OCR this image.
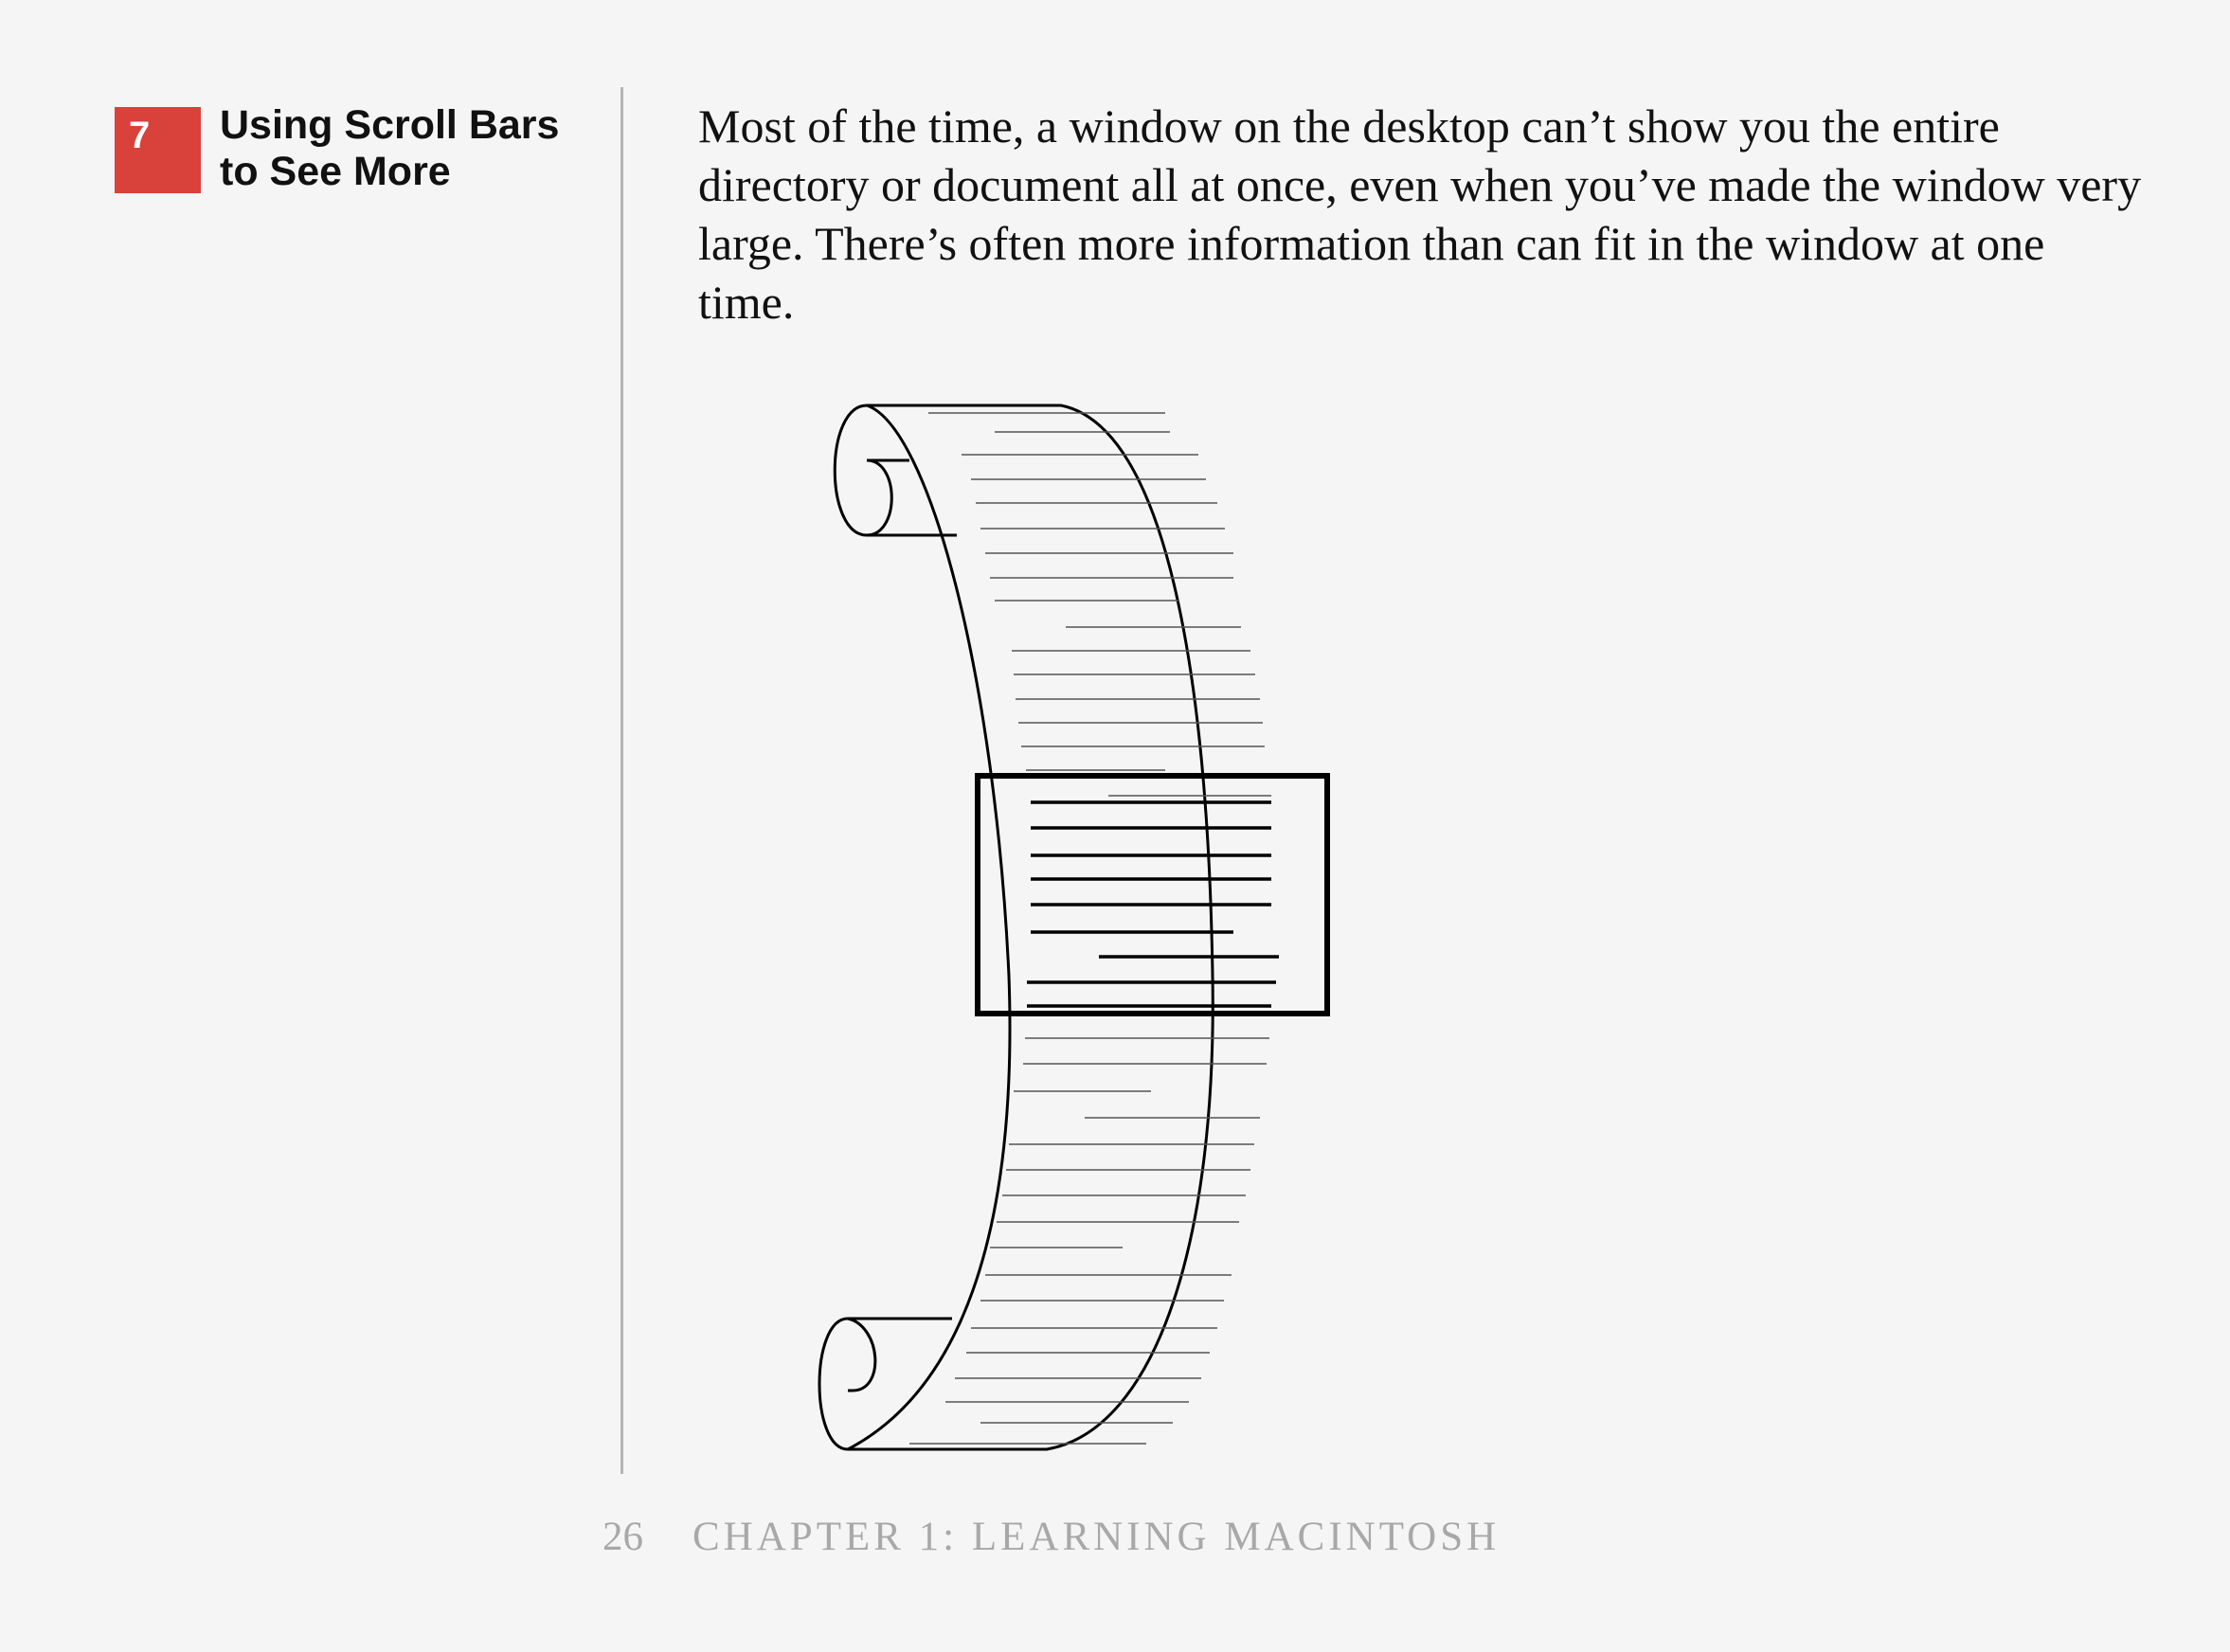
7	Using Scroll Bars
to See More

Most of the time, a window on the desktop can’t show you the entire
directory or document all at once, even when you’ve made the window very
large. There’s often more information than can fit in the window at one
time.

26 CHAPTER 1: LEARNING MACINTOSH
